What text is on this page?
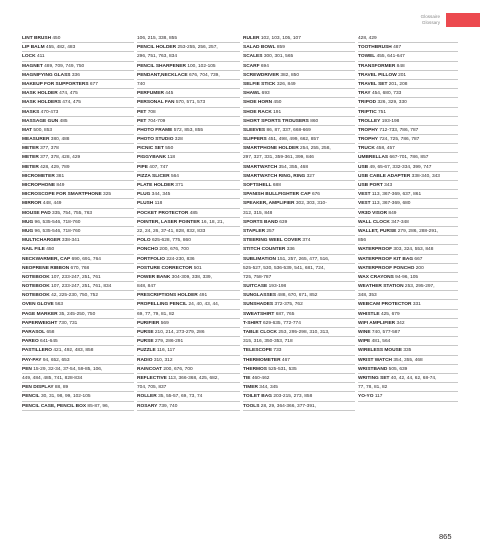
Glossaire
Glossary
LINT BRUSH 450
LIP BALM 455, 482, 483
LOCK 411
MAGNET 489, 709, 749, 750
MAGNIFYING GLASS 336
MAKEUP FOR SUPPORTERS 677
MASK HOLDER 474, 475
MASK HOLDERS 474, 475
MASKS 470-473
MASSAGE GUN 485
MAT 500, 853
MEASURER 380, 488
METER 377, 378
METER 377, 378, 428, 429
METER 428, 429, 789
MICROMETER 381
MICROPHONE 849
MICROSCOPE FOR SMARTPHONE 325
MIRROR 448, 449
MOUSE PAD 335, 754, 755, 763
MUG 96, 535-546, 718-760
MUG 96, 535-546, 718-760
MULTICHARGER 338-341
NAIL FILE 450
NECKWARMER, CAP 690, 691, 764
NEOPRENE RIBBON 670, 768
NOTEBOOK 107, 233-247, 251, 761
NOTEBOOK 107, 233-247, 251, 761, 834
NOTEBOOK 42, 225-230, 750, 752
OVEN GLOVE 563
PAGE MARKER 35, 245-250, 750
PAPERWEIGHT 730, 731
PARASOL 658
PAREO 641-645
PASTILLERO 421, 492, 483, 858
PAY-PAY 94, 652, 653
PEN 15-29, 32-34, 37-54, 59-85, 106,
449, 484, 485, 741, 828-834
PEN DISPLAY 88, 89
PENCIL 30, 31, 98, 99, 102-105
PENCIL CASE, PENCIL BOX 85-87, 96,
106, 215, 338, 855
PENCIL HOLDER 253-255, 256, 257,
296, 751, 763, 834
PENCIL SHARPENER 100, 102-105
PENDANT,NECKLACE 676, 704, 739,
740
PERFUMER 445
PERSONAL FAN 570, 571, 573
PET 708
PET 704-709
PHOTO FRAME 572, 853, 855
PHOTO STUDIO 328
PICNIC SET 550
PIGGYBANK 118
PIPE 407, 747
PIZZA SLICER 564
PLATE HOLDER 371
PLUG 344, 345
PLUSH 118
POCKET PROTECTOR 485
POINTER, LASER POINTER 16, 18, 21,
22, 24, 26, 37-41, 828, 832, 833
POLO 625-628, 775, 860
PONCHO 200, 676, 700
PORTFOLIO 224-230, 836
POSTURE CORRECTOR 501
POWER BANK 304-309, 338, 339,
848, 847
PRESCRIPTIONS HOLDER 491
PROPELLING PENCIL 24, 40, 43, 44,
69, 77, 79, 81, 82
PURIFIER 569
PURSE 210, 214, 273-279, 286
PURSE 279, 286-291
PUZZLE 116, 117
RADIO 310, 312
RAINCOAT 200, 676, 700
REFLECTIVE 113, 366-368, 425, 682,
704, 705, 837
ROLLER 35, 55-57, 69, 73, 74
ROSARY 739, 740
RULER 102, 103, 105, 107
SALAD BOWL 859
SCALES 300, 301, 565
SCARF 694
SCREWDRIVER 382, 850
SELFIE STICK 326, 849
SHAWL 693
SHOE HORN 450
SHOE RACK 191
SHORT SPORTS TROUSERS 860
SLEEVES 86, 87, 337, 668-669
SLIPPERS 451, 498, 499, 662, 857
SMARTPHONE HOLDER 254, 255, 258,
297, 327, 331, 359-361, 399, 846
SMARTWATCH 354, 355, 468
SMARTWATCH RING, RING 327
SOFTSHELL 688
SPANISH BULLFIGHTER CAP 676
SPEAKER, AMPLIFIER 302, 303, 310-
312, 315, 848
SPORTS BAND 639
STAPLER 257
STEERING WEEL COVER 374
STITCH COUNTER 336
SUBLIMATION 151, 257, 265, 477, 516,
525-527, 530, 536-539, 541, 681, 724,
725, 758-787
SUITCASE 193-198
SUNGLASSES 488, 670, 671, 852
SUNSHADES 372-375, 762
SWEATSHIRT 687, 765
T-SHIRT 629-635, 772-774
TABLE CLOCK 253, 295-298, 310, 313,
315, 316, 350-353, 718
TELESCOPE 733
THERMOMETER 467
THERMOS 525-531, 535
TIE 460-462
TIMER 344, 345
TOILET BAG 203-215, 273, 858
TOOLS 28, 29, 364-366, 377-391,
428, 429
TOOTHBRUSH 487
TOWEL 455, 641-647
TRANSFORMER 848
TRAVEL PILLOW 201
TRAVEL SET 201, 208
TRAY 454, 680, 733
TRIPOD 326, 329, 330
TRIPTIC 751
TROLLEY 193-198
TROPHY 712-733, 786, 787
TROPHY 724, 725, 786, 787
TRUCK 458, 457
UMBRELLAS 667-701, 786, 857
USB 49, 65-67, 332-334, 399, 747
USB CABLE ADAPTER 338-340, 343
USB PORT 343
VEST 113, 367-369, 637, 861
VEST 113, 367-369, 680
VR3D VISOR 849
WALL CLOCK 347-348
WALLET, PURSE 279, 286, 288-291,
856
WATERPROOF 303, 324, 553, 848
WATERPROOF KIT BAG 667
WATERPROOF PONCHO 200
WAX CRAYONS 94-96, 105
WEATHER STATION 253, 295-297,
348, 353
WEBCAM PROTECTOR 331
WHISTLE 425, 679
WIFI AMPLIFIER 342
WINE 740, 577-587
WIPE 481, 564
WIRELESS MOUSE 335
WRIST WATCH 354, 355, 468
WRISTBAND 505, 639
WRITING SET 40, 42, 44, 62, 68-74,
77, 78, 81, 82
YO-YO 117
865
